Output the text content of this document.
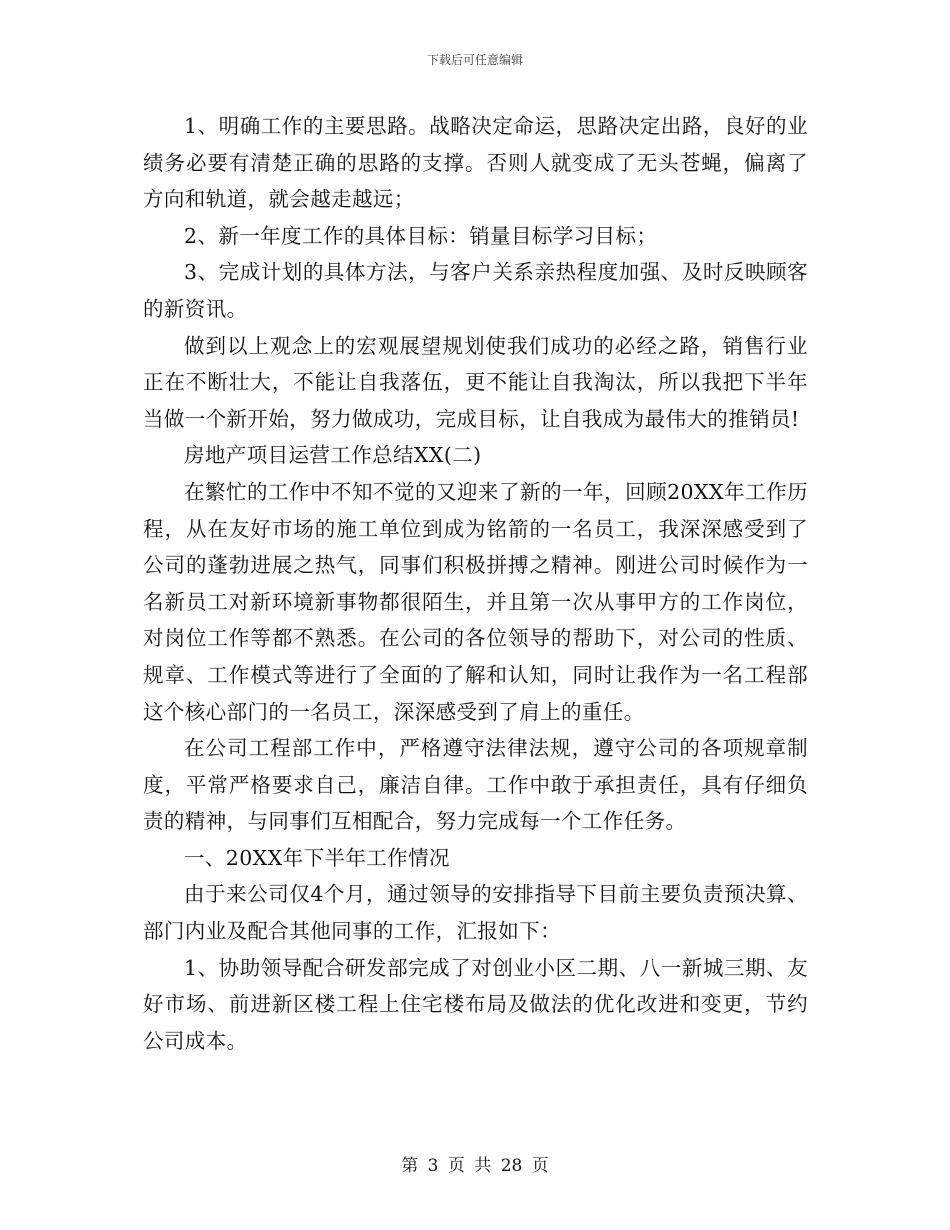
下载后可任意编辑

1、明确工作的主要思路。战略决定命运，思路决定出路，良好的业绩务必要有清楚正确的思路的支撑。否则人就变成了无头苍蝇，偏离了方向和轨道，就会越走越远；

2、新一年度工作的具体目标：销量目标学习目标；

3、完成计划的具体方法，与客户关系亲热程度加强、及时反映顾客的新资讯。

做到以上观念上的宏观展望规划使我们成功的必经之路，销售行业正在不断壮大，不能让自我落伍，更不能让自我淘汰，所以我把下半年当做一个新开始，努力做成功，完成目标，让自我成为最伟大的推销员!

房地产项目运营工作总结XX(二)

在繁忙的工作中不知不觉的又迎来了新的一年，回顾20XX年工作历程，从在友好市场的施工单位到成为铭箭的一名员工，我深深感受到了公司的蓬勃进展之热气，同事们积极拼搏之精神。刚进公司时候作为一名新员工对新环境新事物都很陌生，并且第一次从事甲方的工作岗位，对岗位工作等都不熟悉。在公司的各位领导的帮助下，对公司的性质、规章、工作模式等进行了全面的了解和认知，同时让我作为一名工程部这个核心部门的一名员工，深深感受到了肩上的重任。

在公司工程部工作中，严格遵守法律法规，遵守公司的各项规章制度，平常严格要求自己，廉洁自律。工作中敢于承担责任，具有仔细负责的精神，与同事们互相配合，努力完成每一个工作任务。

一、20XX年下半年工作情况

由于来公司仅4个月，通过领导的安排指导下目前主要负责预决算、部门内业及配合其他同事的工作，汇报如下：

1、协助领导配合研发部完成了对创业小区二期、八一新城三期、友好市场、前进新区楼工程上住宅楼布局及做法的优化改进和变更，节约公司成本。

第 3 页 共 28 页
